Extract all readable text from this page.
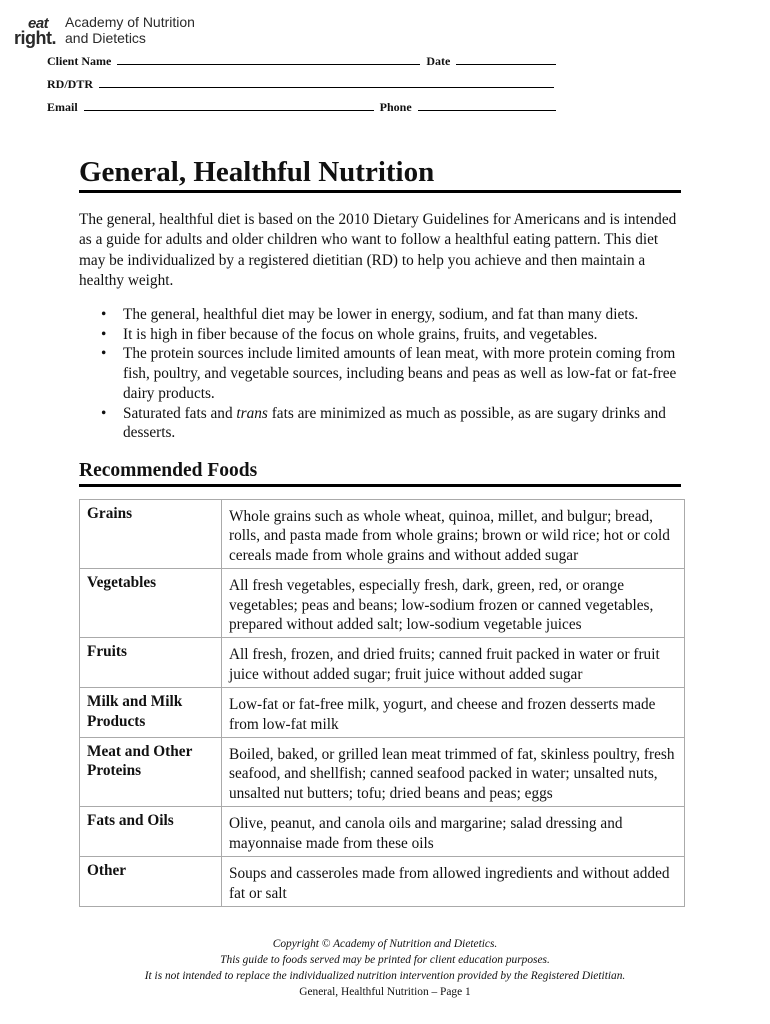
eat
right.
Academy of Nutrition
and Dietetics
Client Name	Date
RD/DTR
Email	Phone
General, Healthful Nutrition

The general, healthful diet is based on the 2010 Dietary Guidelines for Americans and is intended as a guide for adults and older children who want to follow a healthful eating pattern. This diet may be individualized by a registered dietitian (RD) to help you achieve and then maintain a healthy weight.

• The general, healthful diet may be lower in energy, sodium, and fat than many diets.
• It is high in fiber because of the focus on whole grains, fruits, and vegetables.
• The protein sources include limited amounts of lean meat, with more protein coming from fish, poultry, and vegetable sources, including beans and peas as well as low-fat or fat-free dairy products.
• Saturated fats and trans fats are minimized as much as possible, as are sugary drinks and desserts.
Recommended Foods
Grains	Whole grains such as whole wheat, quinoa, millet, and bulgur; bread, rolls, and pasta made from whole grains; brown or wild rice; hot or cold cereals made from whole grains and without added sugar
Vegetables	All fresh vegetables, especially fresh, dark, green, red, or orange vegetables; peas and beans; low-sodium frozen or canned vegetables, prepared without added salt; low-sodium vegetable juices
Fruits	All fresh, frozen, and dried fruits; canned fruit packed in water or fruit juice without added sugar; fruit juice without added sugar
Milk and Milk Products	Low-fat or fat-free milk, yogurt, and cheese and frozen desserts made from low-fat milk
Meat and Other Proteins	Boiled, baked, or grilled lean meat trimmed of fat, skinless poultry, fresh seafood, and shellfish; canned seafood packed in water; unsalted nuts, unsalted nut butters; tofu; dried beans and peas; eggs
Fats and Oils	Olive, peanut, and canola oils and margarine; salad dressing and mayonnaise made from these oils
Other	Soups and casseroles made from allowed ingredients and without added fat or salt
Copyright © Academy of Nutrition and Dietetics.
This guide to foods served may be printed for client education purposes.
It is not intended to replace the individualized nutrition intervention provided by the Registered Dietitian.
General, Healthful Nutrition – Page 1
